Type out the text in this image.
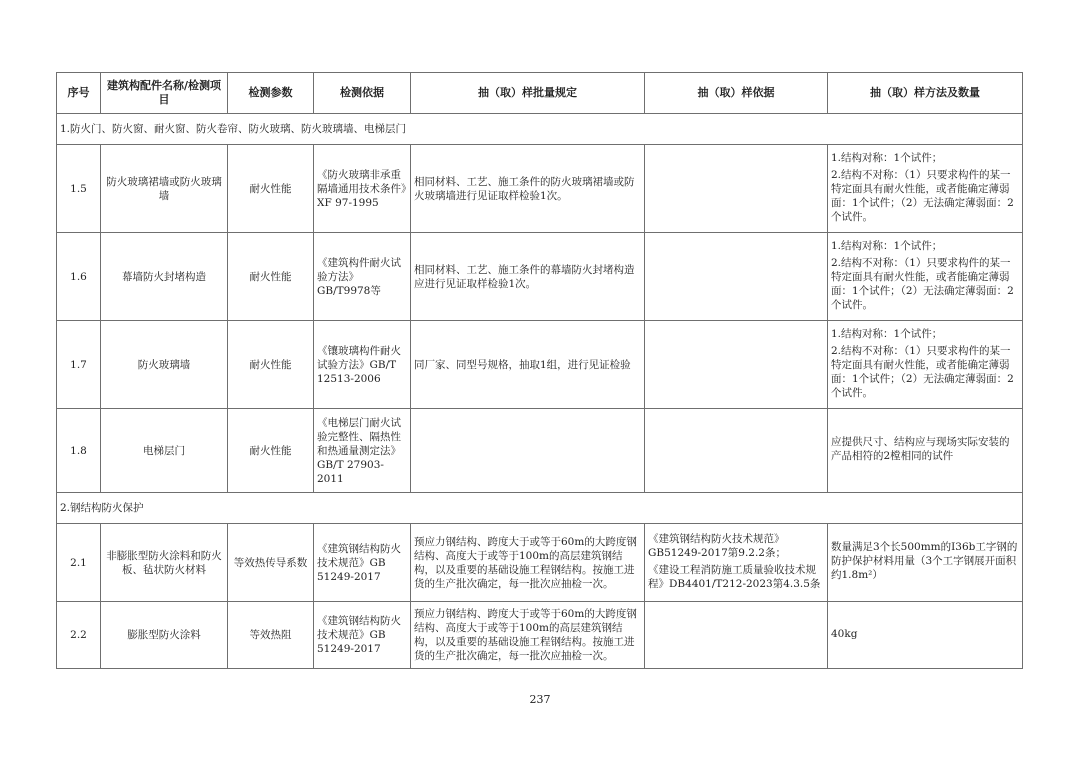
序号	建筑构配件名称/检测项目	检测参数	检测依据	抽（取）样批量规定	抽（取）样依据	抽（取）样方法及数量
1.防火门、防火窗、耐火窗、防火卷帘、防火玻璃、防火玻璃墙、电梯层门						
1.5	防火玻璃裙墙或防火玻璃墙	耐火性能	《防火玻璃非承重隔墙通用技术条件》XF 97-1995	相同材料、工艺、施工条件的防火玻璃裙墙或防火玻璃墙进行见证取样检验1次。		1.结构对称：1个试件；
2.结构不对称：（1）只要求构件的某一特定面具有耐火性能，或者能确定薄弱面：1个试件；（2）无法确定薄弱面：2个试件。

1.6	幕墙防火封堵构造	耐火性能	《建筑构件耐火试验方法》GB/T9978等	相同材料、工艺、施工条件的幕墙防火封堵构造应进行见证取样检验1次。		1.结构对称：1个试件；
2.结构不对称：（1）只要求构件的某一特定面具有耐火性能，或者能确定薄弱面：1个试件；（2）无法确定薄弱面：2个试件。

1.7	防火玻璃墙	耐火性能	《镶玻璃构件耐火试验方法》GB/T 12513-2006	同厂家、同型号规格，抽取1组，进行见证检验		1.结构对称：1个试件；
2.结构不对称：（1）只要求构件的某一特定面具有耐火性能，或者能确定薄弱面：1个试件；（2）无法确定薄弱面：2个试件。

1.8	电梯层门	耐火性能	《电梯层门耐火试验完整性、隔热性和热通量测定法》GB/T 27903-2011			应提供尺寸、结构应与现场实际安装的产品相符的2樘相同的试件

2.钢结构防火保护						
2.1	非膨胀型防火涂料和防火板、毡状防火材料	等效热传导系数	《建筑钢结构防火技术规范》GB 51249-2017	预应力钢结构、跨度大于或等于60m的大跨度钢结构、高度大于或等于100m的高层建筑钢结构，以及重要的基础设施工程钢结构。按施工进货的生产批次确定，每一批次应抽检一次。	《建筑钢结构防火技术规范》GB51249-2017第9.2.2条；
《建设工程消防施工质量验收技术规程》DB4401/T212-2023第4.3.5条	数量满足3个长500mm的I36b工字钢的防护保护材料用量（3个工字钢展开面积约1.8m²）

2.2	膨胀型防火涂料	等效热阻	《建筑钢结构防火技术规范》GB 51249-2017	预应力钢结构、跨度大于或等于60m的大跨度钢结构、高度大于或等于100m的高层建筑钢结构，以及重要的基础设施工程钢结构。按施工进货的生产批次确定，每一批次应抽检一次。		40kg
237
